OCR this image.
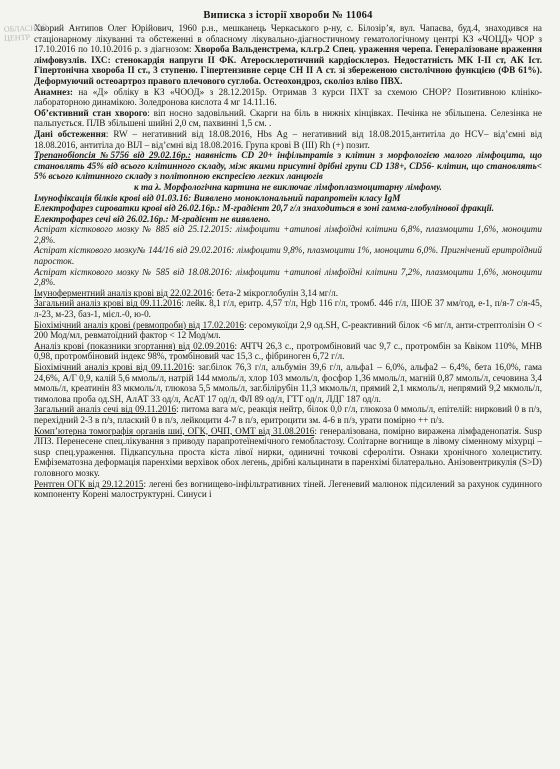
ОБЛАСНИЙ
ЦЕНТР
Виписка з історії хвороби № 11064

Хворий Антипов Олег Юрійович, 1960 р.н., мешканець Черкаського р-ну, с. Білозір’я, вул. Чапаєва, буд.4, знаходився на стаціонарному лікуванні та обстеженні в обласному лікувально-діагностичному гематологічному центрі КЗ «ЧОЦД» ЧОР з 17.10.2016 по 10.10.2016 р. з діагнозом: Хвороба Вальденстрема, кл.гр.2 Спец. ураження черепа. Генералізоване враження лімфовузлів. ІХС: стенокардія напруги ІІ ФК. Атеросклеротичний кардіосклероз. Недостатність МК І-ІІ ст, АК Іст. Гіпертонічна хвороба ІІ ст., 3 ступеню. Гіпертензивне серце СН ІІ А ст. зі збереженою систолічною функцією (ФВ 61%). Деформуючий остеоартроз правого плечового суглоба. Остеохондроз, сколіоз вліво ПВХ.

Анамнез: на «Д» обліку в КЗ «ЧООД» з 28.12.2015р. Отримав 3 курси ПХТ за схемою СНОР? Позитивною клініко-лабораторною динамікою. Золедронова кислота 4 мг 14.11.16.

Об’єктивний стан хворого: віп носно задовільний. Скарги на біль в нижніх кінцівках. Печінка не збільшена. Селезінка не пальпується. ПЛВ збільшені шийні 2,0 см, пахвинні 1,5 см. .

Дані обстеження: RW – негативний від 18.08.2016, Hbs Ag – негативний від 18.08.2015,антитіла до HCV– від’ємні від 18.08.2016, антитіла до ВІЛ – від’ємні від 18.08.2016. Група крові В (ІІІ) Rh (+) позит.

Трепанобіопсія №5756 від 29.02.16р.: наявність CD 20+ інфільтратів з клітин з морфологією малого лімфоцита, що становлять 45% від всього клітинного складу, між якими присутні дрібні групи CD 138+, CD56- клітин, що становлять< 5% всього клітинного складу з політопною експресією легких ланцюгів

к та λ. Морфологічна картина не виключає лімфоплазмоцитарну лімфому.

Імунофіксація білків крові від 01.03.16: Виявлено моноклональний парапротеїн класу IgM

Електрофарез сироватки крові від 26.02.16р.: М-градієнт 20,7 г/л знаходиться в зоні гамма-глобулінової фракції.

Електрофарез сечі від 26.02.16р.: М-градієнт не виявлено.

Аспірат кісткового мозку № 885 від 25.12.2015: лімфоцити +атипові лімфоїдні клітини 6,8%, плазмоцити 1,6%, моноцити 2,8%.

Аспірат кісткового мозку№ 144/16 від 29.02.2016: лімфоцити 9,8%, плазмоцити 1%, моноцити 6,0%. Пригнічений еритроїдний паросток.

Аспірат кісткового мозку № 585 від 18.08.2016: лімфоцити +атипові лімфоїдні клітини 7,2%, плазмоцити 1,6%, моноцити 2,8%.

Імуноферментний аналіз крові від 22.02.2016: бета-2 мікроглобулін 3,14 мг/л.

Загальний аналіз крові від 09.11.2016: лейк. 8,1 г/л, еритр. 4,57 т/л, Hgb 116 г/л, тромб. 446 г/л, ШОЕ 37 мм/год, е-1, п/я-7 с/я-45, л-23, м-23, баз-1, мієл.-0, ю-0.

Біохімічний аналіз крові (ревмопроби) від 17.02.2016: серомукоїди 2,9 од.SH, С-реактивний білок <6 мг/л, анти-стрептолізін О < 200 Мод/мл, ревматоїдний фактор < 12 Мод/мл.

Аналіз крові (показники згортання) від 02.09.2016: АЧТЧ 26,3 с., протромбіновий час 9,7 с., протромбін за Квіком 110%, МНВ 0,98, протромбіновий індекс 98%, тромбіновий час 15,3 с., фібриноген 6,72 г/л.

Біохімічний аналіз крові від 09.11.2016: заг.білок 76,3 г/л, альбумін 39,6 г/л, альфа1 – 6,0%, альфа2 – 6,4%, бета 16,0%, гама 24,6%, А/Г 0,9, калій 5,6 ммоль/л, натрій 144 ммоль/л, хлор 103 ммоль/л, фосфор 1,36 ммоль/л, магній 0,87 ммоль/л, сечовина 3,4 ммоль/л, креатинін 83 мкмоль/л, глюкоза 5,5 ммоль/л, заг.білірубін 11,3 мкмоль/л, прямий 2,1 мкмоль/л, непрямий 9,2 мкмоль/л, тимолова проба од.SH, АлАТ 33 од/л, АсАТ 17 од/л, ФЛ 89 од/л, ГТТ од/л, ЛДГ 187 од/л.

Загальний аналіз сечі від 09.11.2016: питома вага м/с, реакція нейтр, білок 0,0 г/л, глюкоза 0 ммоль/л, епітелій: нирковий 0 в п/з, перехідний 2-3 в п/з, плаский 0 в п/з, лейкоцити 4-7 в п/з, еритроцити зм. 4-6 в п/з, урати помірно ++ п/з.

Комп’ютерна томографія органів шиї, ОГК, ОЧП, ОМТ від 31.08.2016: генералізована, помірно виражена лімфаденопатія. Susp ЛПЗ. Перенесене спец.лікування з приводу парапротеїнемічного гемобластозу. Солітарне вогнище в лівому сіменному міхурці – susp спец.ураження. Підкапсульна проста кіста лівої нирки, одиничні точкові сфероліти. Ознаки хронічного холециститу. Емфізематозна деформація паренхіми верхівок обох легень, дрібні кальцинати в паренхімі білатерально. Анізовентрикулія (S>D) головного мозку.

Рентген ОГК від 29.12.2015: легені без вогнищево-інфільтративних тіней. Легеневий малюнок підсилений за рахунок судинного компоненту Корені малоструктурні. Синуси і
